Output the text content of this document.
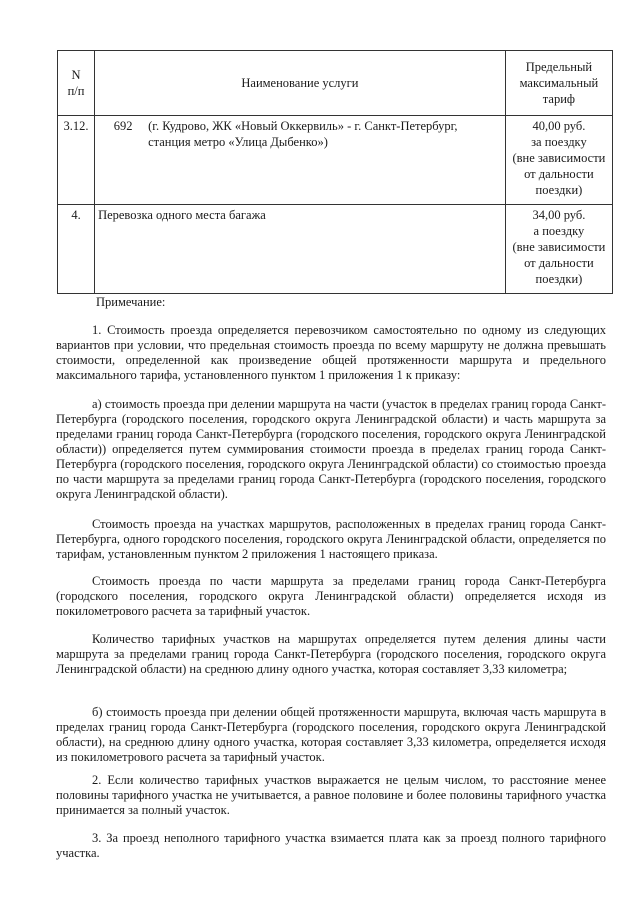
N
п/п	Наименование услуги	Предельный
максимальный
тариф
3.12.	692 (г. Кудрово, ЖК «Новый Оккервиль» - г. Санкт-Петербург, станция метро «Улица Дыбенко»)	40,00 руб.
за поездку
(вне зависимости
от дальности
поездки)
4.	Перевозка одного места багажа	34,00 руб.
а поездку
(вне зависимости
от дальности
поездки)

Примечание:

1. Стоимость проезда определяется перевозчиком самостоятельно по одному из следующих вариантов при условии, что предельная стоимость проезда по всему маршруту не должна превышать стоимости, определенной как произведение общей протяженности маршрута и предельного максимального тарифа, установленного пунктом 1 приложения 1 к приказу:

а) стоимость проезда при делении маршрута на части (участок в пределах границ города Санкт-Петербурга (городского поселения, городского округа Ленинградской области) и часть маршрута за пределами границ города Санкт-Петербурга (городского поселения, городского округа Ленинградской области)) определяется путем суммирования стоимости проезда в пределах границ города Санкт-Петербурга (городского поселения, городского округа Ленинградской области) со стоимостью проезда по части маршрута за пределами границ города Санкт-Петербурга (городского поселения, городского округа Ленинградской области).

Стоимость проезда на участках маршрутов, расположенных в пределах границ города Санкт-Петербурга, одного городского поселения, городского округа Ленинградской области, определяется по тарифам, установленным пунктом 2 приложения 1 настоящего приказа.

Стоимость проезда по части маршрута за пределами границ города Санкт-Петербурга (городского поселения, городского округа Ленинградской области) определяется исходя из покилометрового расчета за тарифный участок.

Количество тарифных участков на маршрутах определяется путем деления длины части маршрута за пределами границ города Санкт-Петербурга (городского поселения, городского округа Ленинградской области) на среднюю длину одного участка, которая составляет 3,33 километра;

б) стоимость проезда при делении общей протяженности маршрута, включая часть маршрута в пределах границ города Санкт-Петербурга (городского поселения, городского округа Ленинградской области), на среднюю длину одного участка, которая составляет 3,33 километра, определяется исходя из покилометрового расчета за тарифный участок.

2. Если количество тарифных участков выражается не целым числом, то расстояние менее половины тарифного участка не учитывается, а равное половине и более половины тарифного участка принимается за полный участок.

3. За проезд неполного тарифного участка взимается плата как за проезд полного тарифного участка.
